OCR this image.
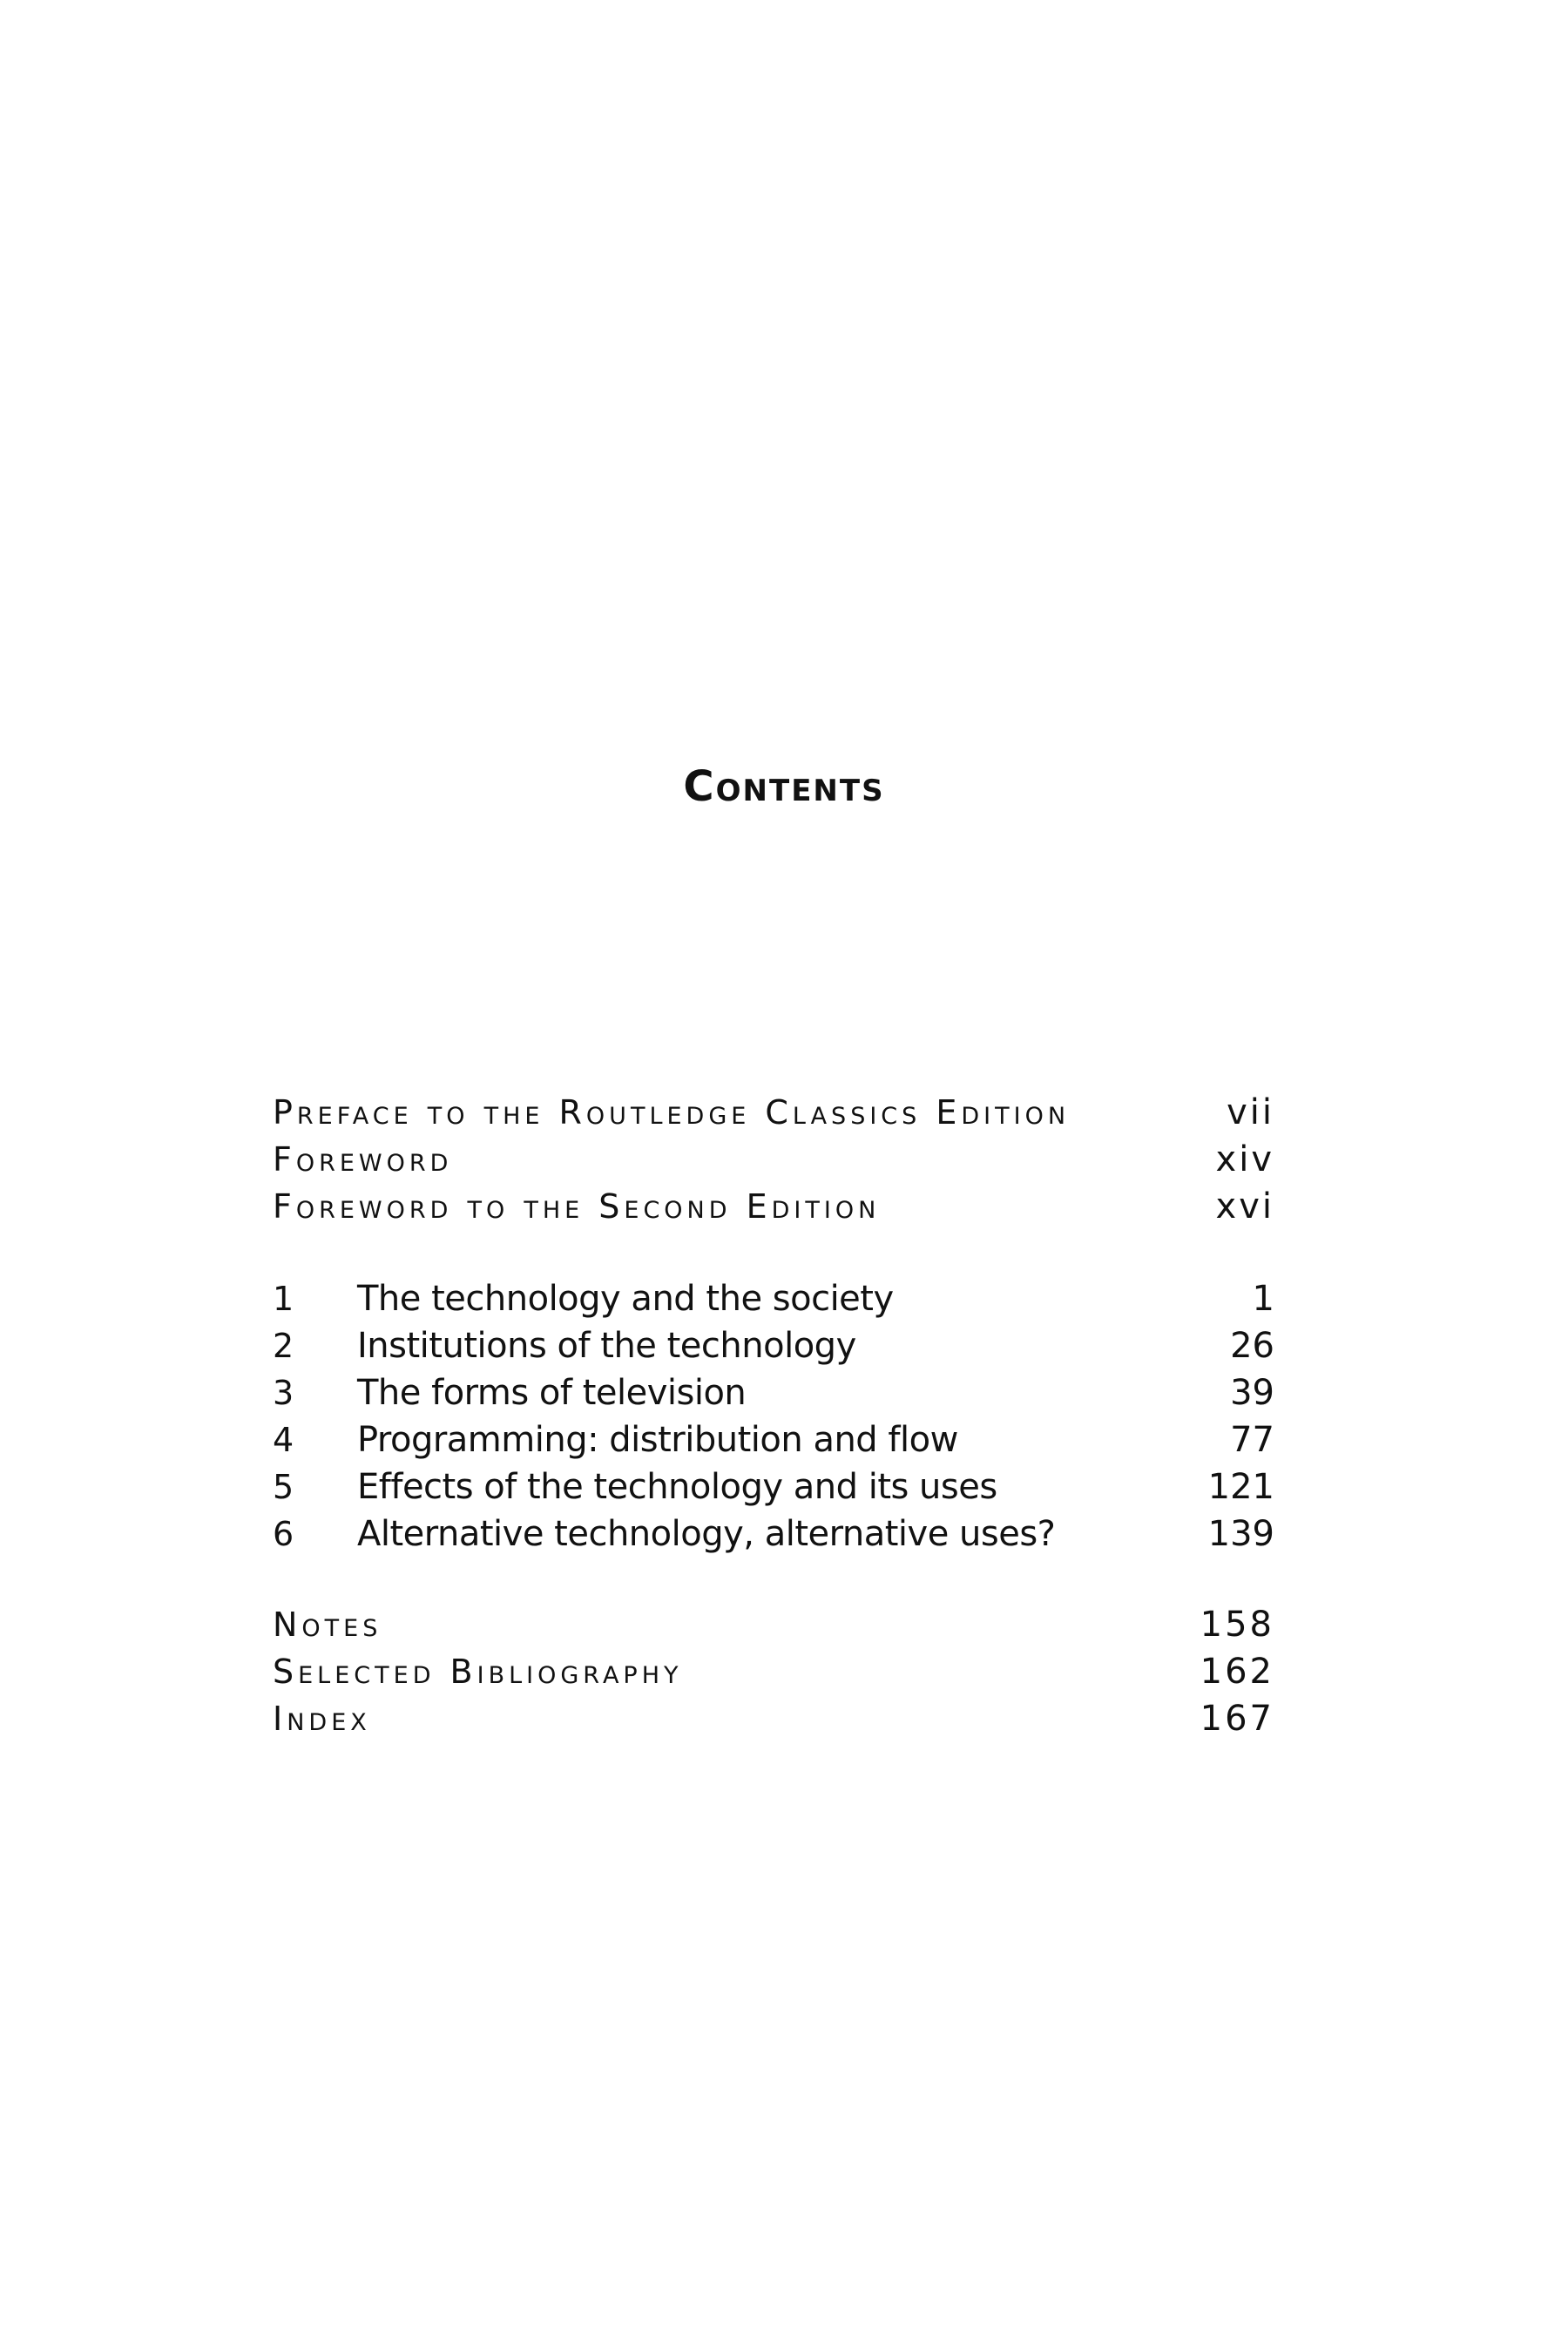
Contents
Preface to the Routledge Classics Edition	vii
Foreword	xiv
Foreword to the Second Edition	xvi
1 The technology and the society	1
2 Institutions of the technology	26
3 The forms of television	39
4 Programming: distribution and flow	77
5 Effects of the technology and its uses	121
6 Alternative technology, alternative uses?	139
Notes	158
Selected Bibliography	162
Index	167
